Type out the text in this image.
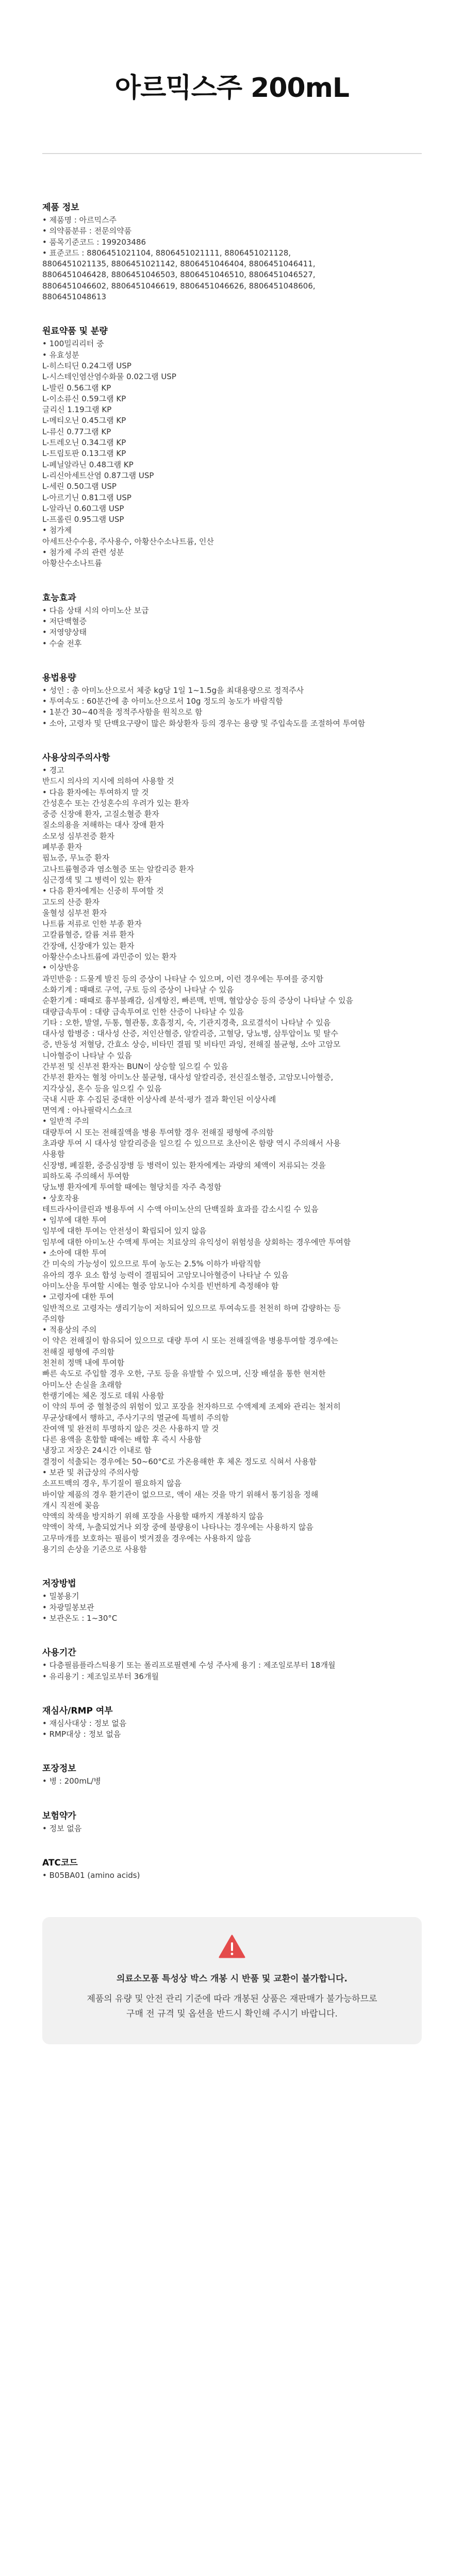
아르믹스주 200mL
제품 정보

• 제품명 : 아르믹스주

• 의약품분류 : 전문의약품

• 품목기준코드 : 199203486

• 표준코드 : 8806451021104, 8806451021111, 8806451021128,

8806451021135, 8806451021142, 8806451046404, 8806451046411,

8806451046428, 8806451046503, 8806451046510, 8806451046527,

8806451046602, 8806451046619, 8806451046626, 8806451048606,

8806451048613

원료약품 및 분량

• 100밀리리터 중

• 유효성분

L-히스티딘 0.24그램 USP

L-시스테인염산염수화물 0.02그램 USP

L-발린 0.56그램 KP

L-이소류신 0.59그램 KP

글리신 1.19그램 KP

L-메티오닌 0.45그램 KP

L-류신 0.77그램 KP

L-트레오닌 0.34그램 KP

L-트립토판 0.13그램 KP

L-페닐알라닌 0.48그램 KP

L-리신아세트산염 0.87그램 USP

L-세린 0.50그램 USP

L-아르기닌 0.81그램 USP

L-알라닌 0.60그램 USP

L-프롤린 0.95그램 USP

• 첨가제

아세트산수수용, 주사용수, 아황산수소나트륨, 인산

• 첨가제 주의 관련 성분

아황산수소나트륨

효능효과

• 다음 상태 시의 아미노산 보급

• 저단백혈증

• 저영양상태

• 수술 전후

용법용량

• 성인 : 총 아미노산으로서 체중 kg당 1일 1~1.5g을 최대용량으로 정적주사

• 투여속도 : 60분간에 총 아미노산으로서 10g 정도의 농도가 바람직함

• 1분간 30~40적을 정적주사함을 원칙으로 함

• 소아, 고령자 및 단백요구량이 많은 화상환자 등의 경우는 용량 및 주입속도를 조절하여 투여함

사용상의주의사항

• 경고

반드시 의사의 지시에 의하여 사용할 것

• 다음 환자에는 투여하지 말 것

간성혼수 또는 간성혼수의 우려가 있는 환자

중증 신장애 환자, 고질소혈증 환자

질소의용을 저해하는 대사 장애 환자

소모성 심부전증 환자

폐부종 환자

핍뇨증, 무뇨증 환자

고나트륨혈증과 염소혈증 또는 알칼리증 환자

심근경색 및 그 병력이 있는 환자

• 다음 환자에게는 신중히 투여할 것

고도의 산증 환자

울혈성 심부전 환자

나트륨 저류로 인한 부종 환자

고칼륨혈증, 칼륨 저류 환자

간장애, 신장애가 있는 환자

아황산수소나트륨에 과민증이 있는 환자

• 이상반응

과민반응 : 드물게 발진 등의 증상이 나타날 수 있으며, 이런 경우에는 투여를 중지함

소화기계 : 때때로 구역, 구토 등의 증상이 나타날 수 있음

순환기계 : 때때로 흉부불쾌감, 심계항진, 빠른맥, 빈맥, 혈압상승 등의 증상이 나타날 수 있음

대량급속투여 : 대량 급속투여로 인한 산증이 나타날 수 있음

기타 : 오한, 발열, 두통, 혈관통, 호흡정지, 숙, 기관지경축, 요로결석이 나타날 수 있음

대사성 합병증 : 대사성 산증, 저인산혈증, 알칼리증, 고혈당, 당뇨병, 삼투압이뇨 및 탈수

증, 반동성 저혈당, 간효소 상승, 비타민 결핍 및 비타민 과잉, 전해질 불균형, 소아 고암모

니아혈증이 나타날 수 있음

간부전 및 신부전 환자는 BUN이 상승할 일으킬 수 있음

간부전 환자는 혈청 아미노산 불균형, 대사성 알칼리증, 전신질소혈증, 고암모니아혈증,

지각상실, 혼수 등을 일으킬 수 있음

국내 시판 후 수집된 중대한 이상사례 분석·평가 결과 확인된 이상사례

면역계 : 아나필락시스쇼크

• 일반적 주의

대량투여 시 또는 전해질액을 병용 투여할 경우 전해질 평형에 주의함

초과량 투여 시 대사성 알칼리증을 일으킬 수 있으므로 초산이온 함량 역시 주의해서 사용

사용함

신장병, 폐질환, 중증심장병 등 병력이 있는 환자에게는 과량의 체액이 저류되는 것을

피하도록 주의해서 투여함

당뇨병 환자에게 투여할 때에는 혈당치를 자주 측정함

• 상호작용

테트라사이클린과 병용투여 시 수액 아미노산의 단백질화 효과를 감소시킬 수 있음

• 임부에 대한 투여

임부에 대한 투여는 안전성이 확립되어 있지 않음

임부에 대한 아미노산 수액제 투여는 치료상의 유익성이 위험성을 상회하는 경우에만 투여함

• 소아에 대한 투여

간 미숙의 가능성이 있으므로 투여 농도는 2.5% 이하가 바람직함

유아의 경우 요소 합성 능력이 결핍되어 고암모니아혈증이 나타날 수 있음

아미노산을 투여할 시에는 혈중 암모니아 수치를 빈번하게 측정해야 함

• 고령자에 대한 투여

일반적으로 고령자는 생리기능이 저하되어 있으므로 투여속도를 천천히 하며 감량하는 등

주의함

• 적용상의 주의

이 약은 전해질이 함유되어 있으므로 대량 투여 시 또는 전해질액을 병용투여할 경우에는

전해질 평형에 주의함

천천히 정맥 내에 투여함

빠른 속도로 주입할 경우 오한, 구토 등을 유발할 수 있으며, 신장 배설을 통한 현저한

아미노산 손실을 초래함

한랭기에는 체온 정도로 데워 사용함

이 약의 투여 중 혈철증의 위험이 있고 포장을 천자하므로 수액제제 조제와 관리는 철저히

무균상태에서 행하고, 주사기구의 멸균에 특별히 주의함

잔여액 및 완전히 투명하지 않은 것은 사용하지 말 것

다른 용액을 혼합할 때에는 배합 후 즉시 사용함

냉장고 저장은 24시간 이내로 함

결정이 석출되는 경우에는 50~60°C로 가온용해한 후 체온 정도로 식혀서 사용함

• 보관 및 취급상의 주의사항

소프트백의 경우, 투기질이 필요하지 않음

바이알 제품의 경우 환기관이 없으므로, 액이 새는 것을 막기 위해서 통기침을 정해

개시 직전에 꽂음

약액의 착색을 방지하기 위해 포장을 사용할 때까지 개봉하지 않음

약액이 착색, 누출되었거나 외장 중에 불량용이 나타나는 경우에는 사용하지 않음

고무마개를 보호하는 필름이 벗겨졌을 경우에는 사용하지 않음

용기의 손상을 기준으로 사용함

저장방법

• 밀봉용기

• 차광밀봉보관

• 보관온도 : 1~30°C

사용기간

• 다층필름플라스틱용기 또는 폴리프로필렌제 수성 주사제 용기 : 제조일로부터 18개월

• 유리용기 : 제조일로부터 36개월

재심사/RMP 여부

• 재심사대상 : 정보 없음

• RMP대상 : 정보 없음

포장정보

• 병 : 200mL/병

보험약가

• 정보 없음

ATC코드

• B05BA01 (amino acids)

의료소모품 특성상 박스 개봉 시 반품 및 교환이 불가합니다.

제품의 유량 및 안전 관리 기준에 따라 개봉된 상품은 재판매가 불가능하므로

구매 전 규격 및 옵션을 반드시 확인해 주시기 바랍니다.
